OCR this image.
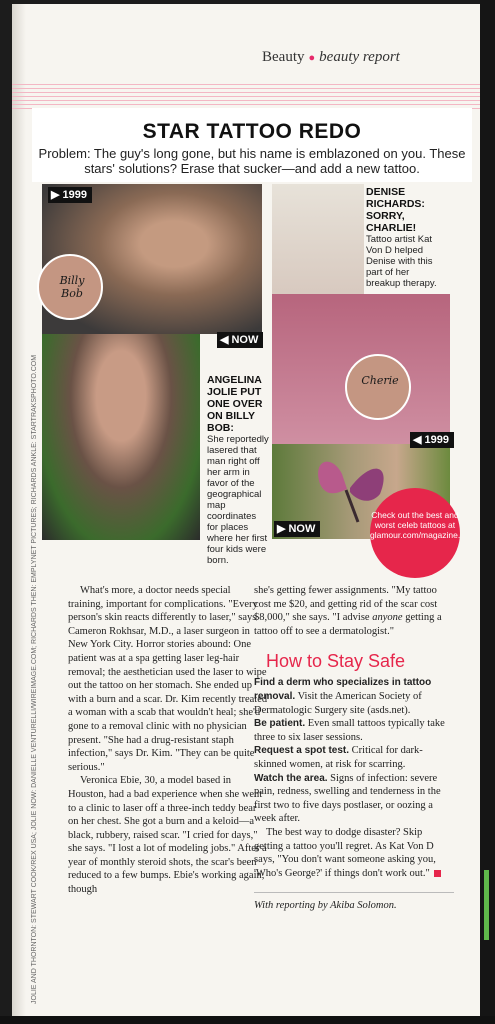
Beauty ● beauty report
STAR TATTOO REDO
Problem: The guy's long gone, but his name is emblazoned on you. These stars' solutions? Erase that sucker—and add a new tattoo.
Billy Bob
Cherie
▶ 1999
◀ NOW
◀ 1999
▶ NOW
ANGELINA JOLIE PUT ONE OVER ON BILLY BOB:
She reportedly lasered that man right off her arm in favor of the geographical map coordinates for places where her first four kids were born.
DENISE RICHARDS: SORRY, CHARLIE!
Tattoo artist Kat Von D helped Denise with this part of her breakup therapy.
Check out the best and worst celeb tattoos at glamour.com/magazine.

What's more, a doctor needs special training, important for complications. "Every person's skin reacts differently to laser," says Cameron Rokhsar, M.D., a laser surgeon in New York City. Horror stories abound: One patient was at a spa getting laser leg-hair removal; the aesthetician used the laser to wipe out the tattoo on her stomach. She ended up with a burn and a scar. Dr. Kim recently treated a woman with a scab that wouldn't heal; she'd gone to a removal clinic with no physician present. "She had a drug-resistant staph infection," says Dr. Kim. "They can be quite serious."

Veronica Ebie, 30, a model based in Houston, had a bad experience when she went to a clinic to laser off a three-inch teddy bear on her chest. She got a burn and a keloid—a black, rubbery, raised scar. "I cried for days," she says. "I lost a lot of modeling jobs." After a year of monthly steroid shots, the scar's been reduced to a few bumps. Ebie's working again, though

she's getting fewer assignments. "My tattoo cost me $20, and getting rid of the scar cost $8,000," she says. "I advise anyone getting a tattoo off to see a dermatologist."

How to Stay Safe

Find a derm who specializes in tattoo removal. Visit the American Society of Dermatologic Surgery site (asds.net).

Be patient. Even small tattoos typically take three to six laser sessions.

Request a spot test. Critical for dark-skinned women, at risk for scarring.

Watch the area. Signs of infection: severe pain, redness, swelling and tenderness in the first two to five days postlaser, or oozing a week after.

The best way to dodge disaster? Skip getting a tattoo you'll regret. As Kat Von D says, "You don't want someone asking you, 'Who's George?' if things don't work out."

With reporting by Akiba Solomon.
JOLIE AND THORNTON: STEWART COOK/REX USA; JOLIE NOW: DANIELLE VENTURELLI/WIREIMAGE.COM; RICHARDS THEN: EMPLYNET PICTURES; RICHARDS ANKLE: STARTRAKSPHOTO.COM
